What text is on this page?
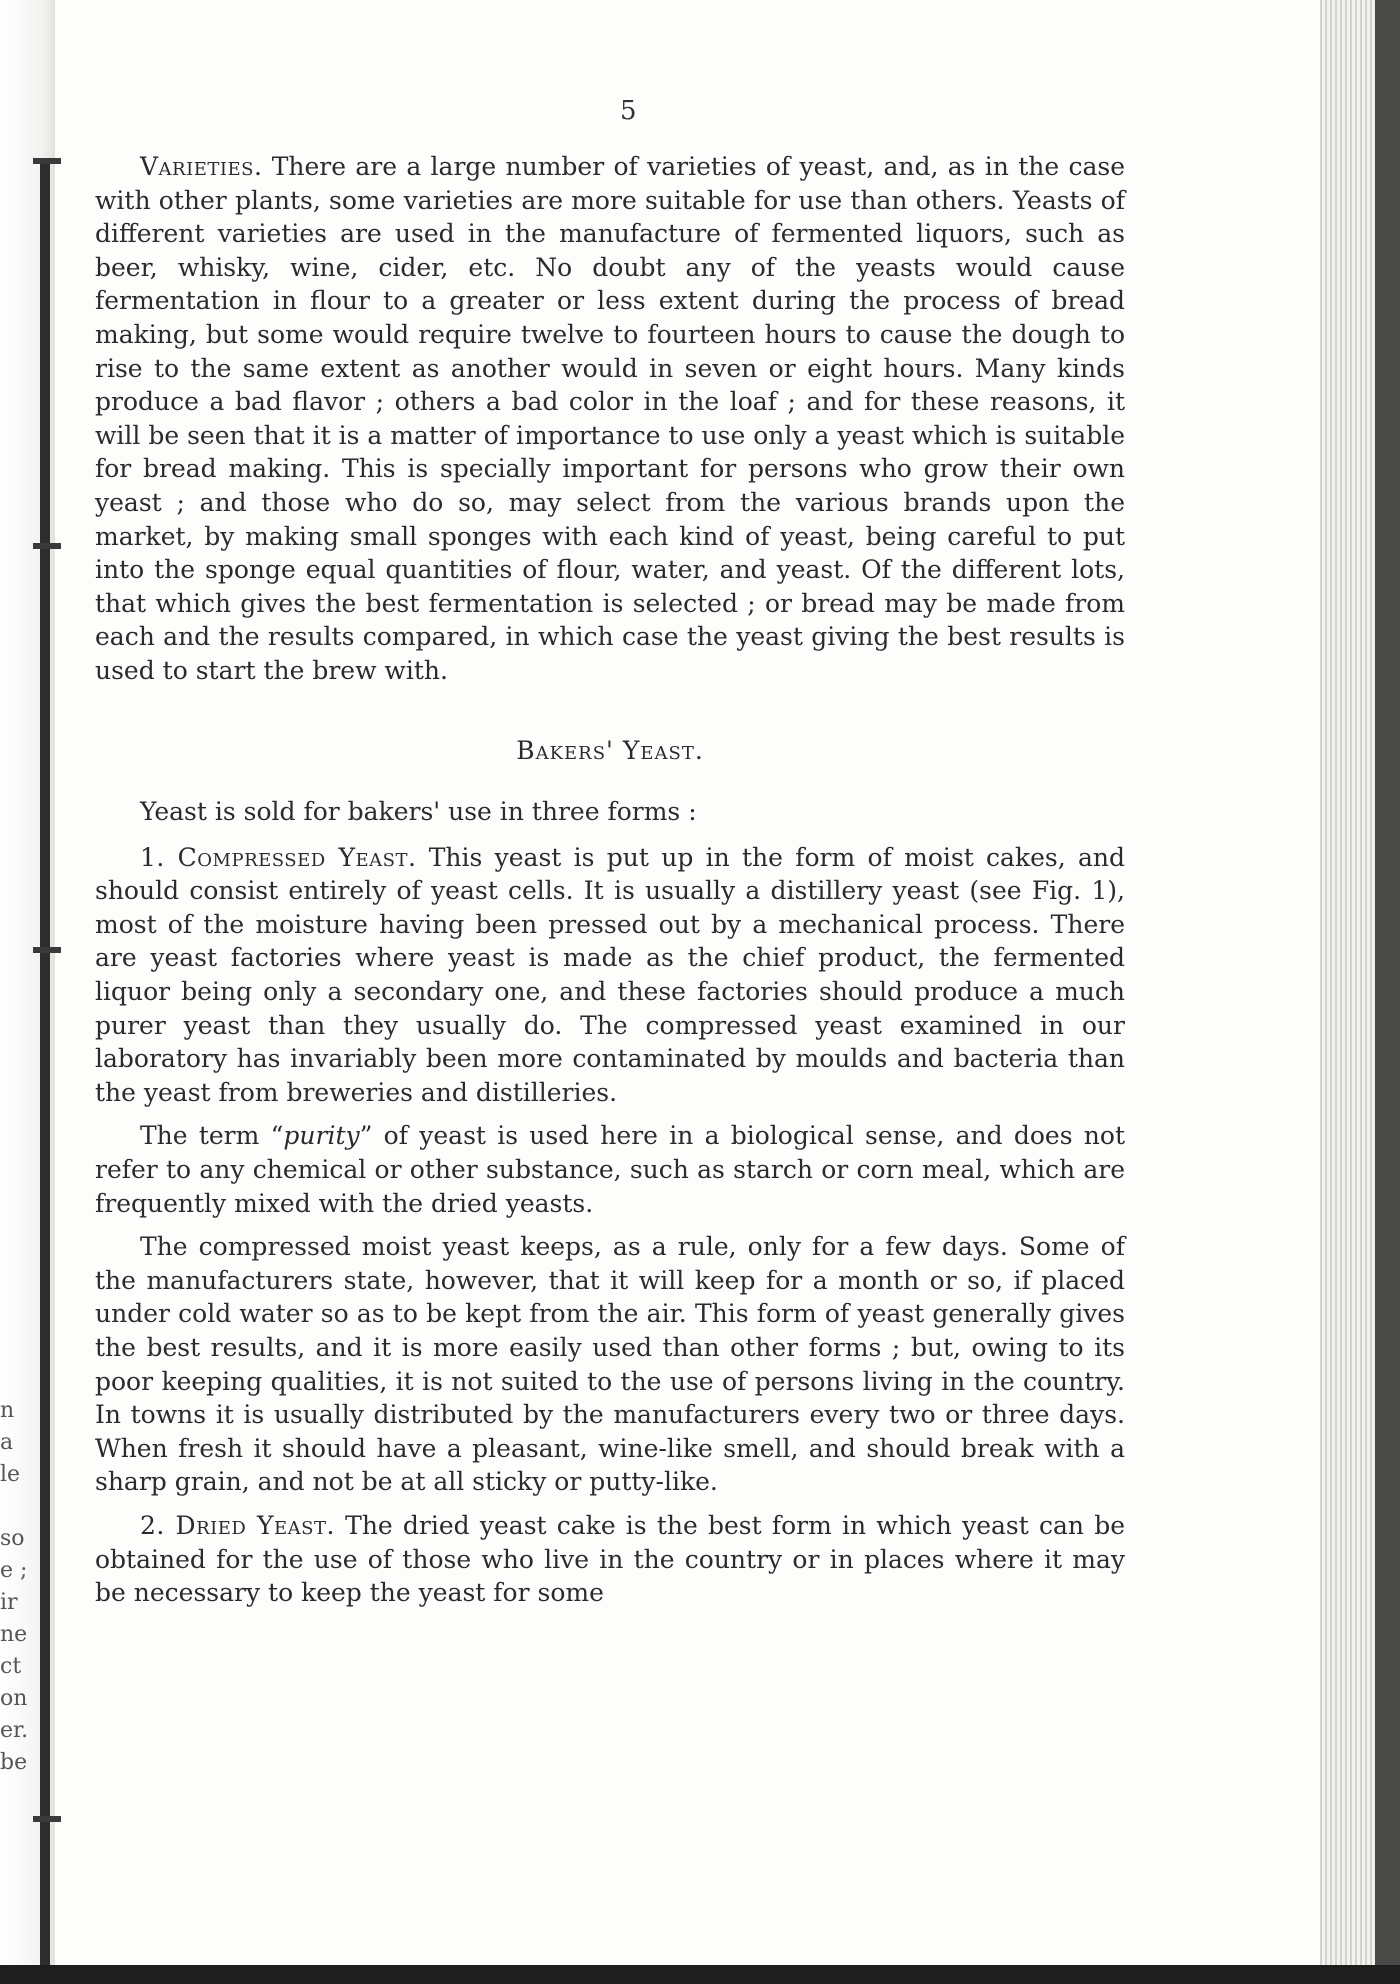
n
a
le
so
e ;
ir
ne
ct
on
er.
be
5

Varieties. There are a large number of varieties of yeast, and, as in the case with other plants, some varieties are more suitable for use than others. Yeasts of different varieties are used in the manufacture of fermented liquors, such as beer, whisky, wine, cider, etc. No doubt any of the yeasts would cause fermentation in flour to a greater or less extent during the process of bread making, but some would require twelve to fourteen hours to cause the dough to rise to the same extent as another would in seven or eight hours. Many kinds produce a bad flavor ; others a bad color in the loaf ; and for these reasons, it will be seen that it is a matter of importance to use only a yeast which is suitable for bread making. This is specially important for persons who grow their own yeast ; and those who do so, may select from the various brands upon the market, by making small sponges with each kind of yeast, being careful to put into the sponge equal quantities of flour, water, and yeast. Of the different lots, that which gives the best fermentation is selected ; or bread may be made from each and the results compared, in which case the yeast giving the best results is used to start the brew with.

Bakers' Yeast.

Yeast is sold for bakers' use in three forms :

1. Compressed Yeast. This yeast is put up in the form of moist cakes, and should consist entirely of yeast cells. It is usually a distillery yeast (see Fig. 1), most of the moisture having been pressed out by a mechanical process. There are yeast factories where yeast is made as the chief product, the fermented liquor being only a secondary one, and these factories should produce a much purer yeast than they usually do. The compressed yeast examined in our laboratory has invariably been more contaminated by moulds and bacteria than the yeast from breweries and distilleries.

The term “purity” of yeast is used here in a biological sense, and does not refer to any chemical or other substance, such as starch or corn meal, which are frequently mixed with the dried yeasts.

The compressed moist yeast keeps, as a rule, only for a few days. Some of the manufacturers state, however, that it will keep for a month or so, if placed under cold water so as to be kept from the air. This form of yeast generally gives the best results, and it is more easily used than other forms ; but, owing to its poor keeping qualities, it is not suited to the use of persons living in the country. In towns it is usually distributed by the manufacturers every two or three days. When fresh it should have a pleasant, wine-like smell, and should break with a sharp grain, and not be at all sticky or putty-like.

2. Dried Yeast. The dried yeast cake is the best form in which yeast can be obtained for the use of those who live in the country or in places where it may be necessary to keep the yeast for some
